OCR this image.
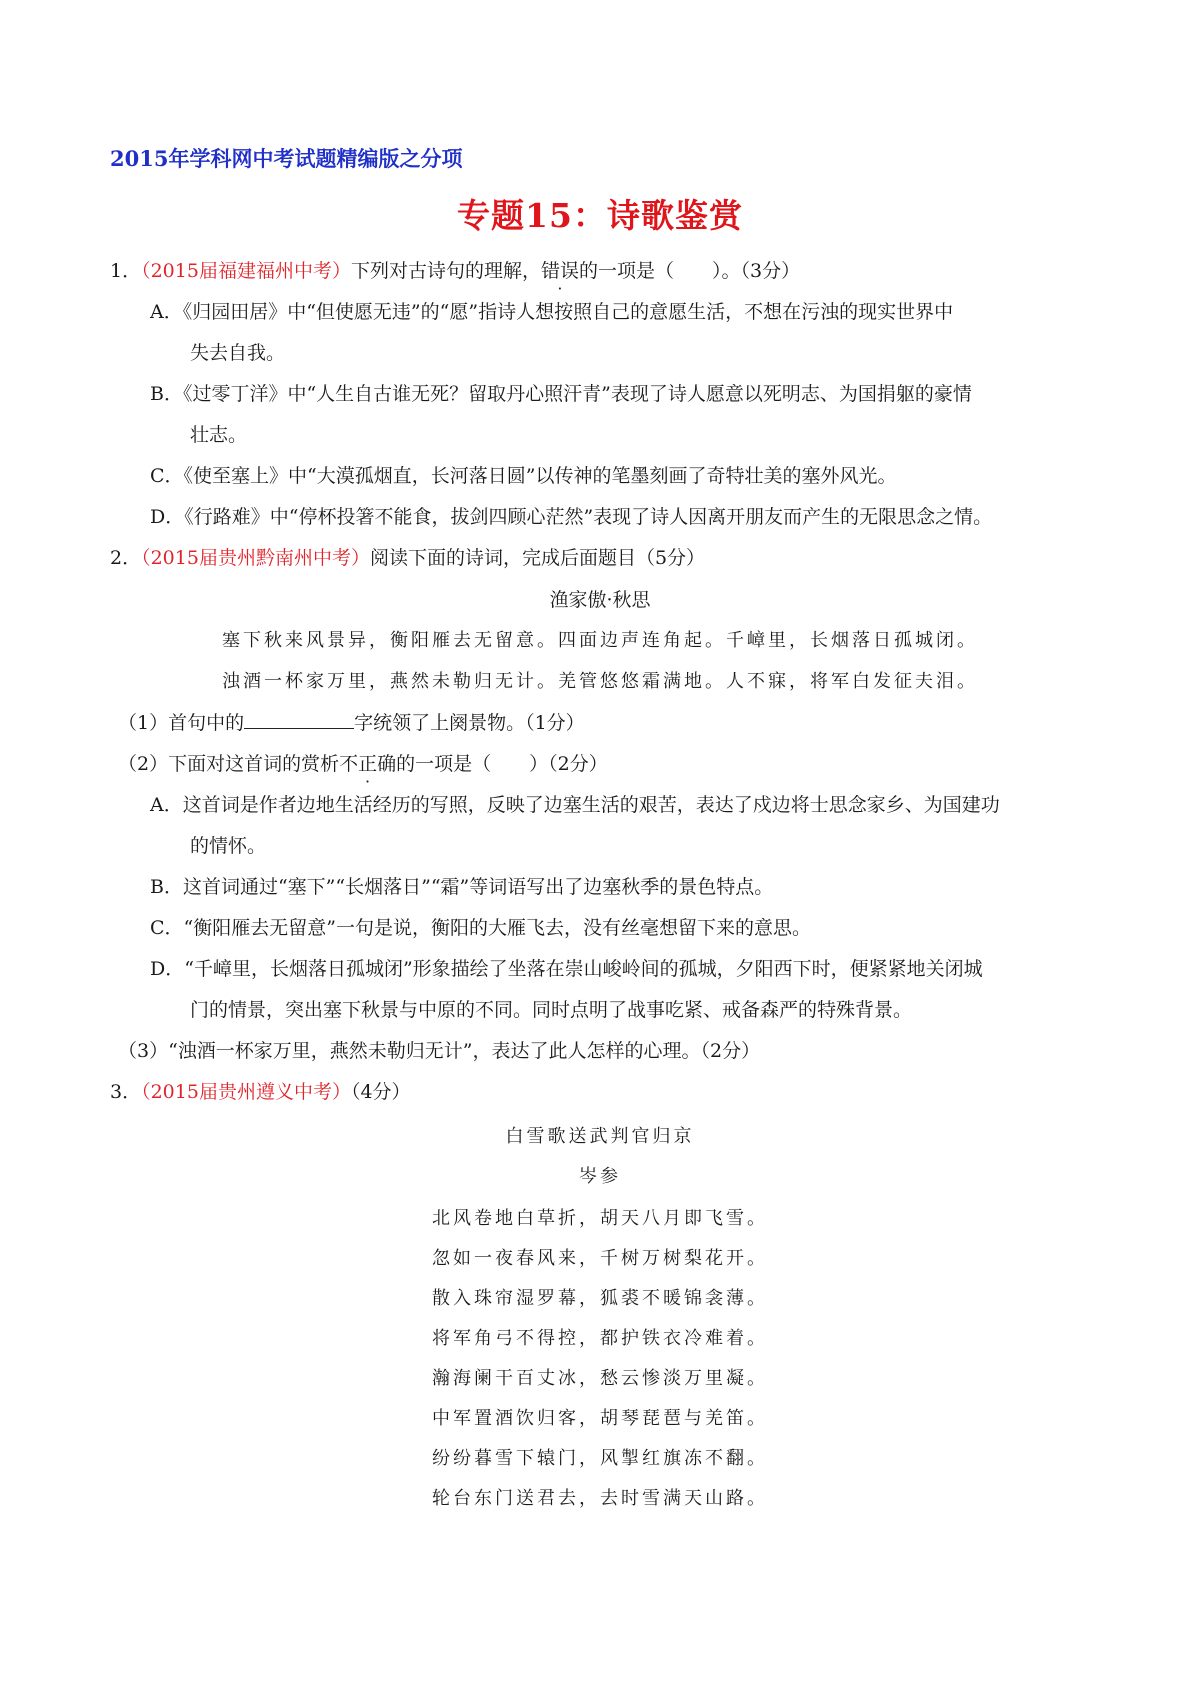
2015年学科网中考试题精编版之分项
专题15：诗歌鉴赏
1．（2015届福建福州中考）下列对古诗句的理解，错误的一项是（　　）。（3分）
A．《归园田居》中“但使愿无违”的“愿”指诗人想按照自己的意愿生活，不想在污浊的现实世界中
失去自我。
B．《过零丁洋》中“人生自古谁无死？留取丹心照汗青”表现了诗人愿意以死明志、为国捐躯的豪情
壮志。
C．《使至塞上》中“大漠孤烟直，长河落日圆”以传神的笔墨刻画了奇特壮美的塞外风光。
D．《行路难》中“停杯投箸不能食，拔剑四顾心茫然”表现了诗人因离开朋友而产生的无限思念之情。
2．（2015届贵州黔南州中考）阅读下面的诗词，完成后面题目（5分）
渔家傲·秋思
塞下秋来风景异，衡阳雁去无留意。四面边声连角起。千嶂里，长烟落日孤城闭。
浊酒一杯家万里，燕然未勒归无计。羌管悠悠霜满地。人不寐，将军白发征夫泪。
（1）首句中的	字统领了上阕景物。（1分）
（2）下面对这首词的赏析不正确的一项是（　　）（2分）
A．这首词是作者边地生活经历的写照，反映了边塞生活的艰苦，表达了戍边将士思念家乡、为国建功
的情怀。
B．这首词通过“塞下”“长烟落日”“霜”等词语写出了边塞秋季的景色特点。
C．“衡阳雁去无留意”一句是说，衡阳的大雁飞去，没有丝毫想留下来的意思。
D．“千嶂里，长烟落日孤城闭”形象描绘了坐落在崇山峻岭间的孤城，夕阳西下时，便紧紧地关闭城
门的情景，突出塞下秋景与中原的不同。同时点明了战事吃紧、戒备森严的特殊背景。
（3）“浊酒一杯家万里，燕然未勒归无计”，表达了此人怎样的心理。（2分）
3．（2015届贵州遵义中考）（4分）
白雪歌送武判官归京
岑参
北风卷地白草折，胡天八月即飞雪。
忽如一夜春风来，千树万树梨花开。
散入珠帘湿罗幕，狐裘不暖锦衾薄。
将军角弓不得控，都护铁衣冷难着。
瀚海阑干百丈冰，愁云惨淡万里凝。
中军置酒饮归客，胡琴琵琶与羌笛。
纷纷暮雪下辕门，风掣红旗冻不翻。
轮台东门送君去，去时雪满天山路。
